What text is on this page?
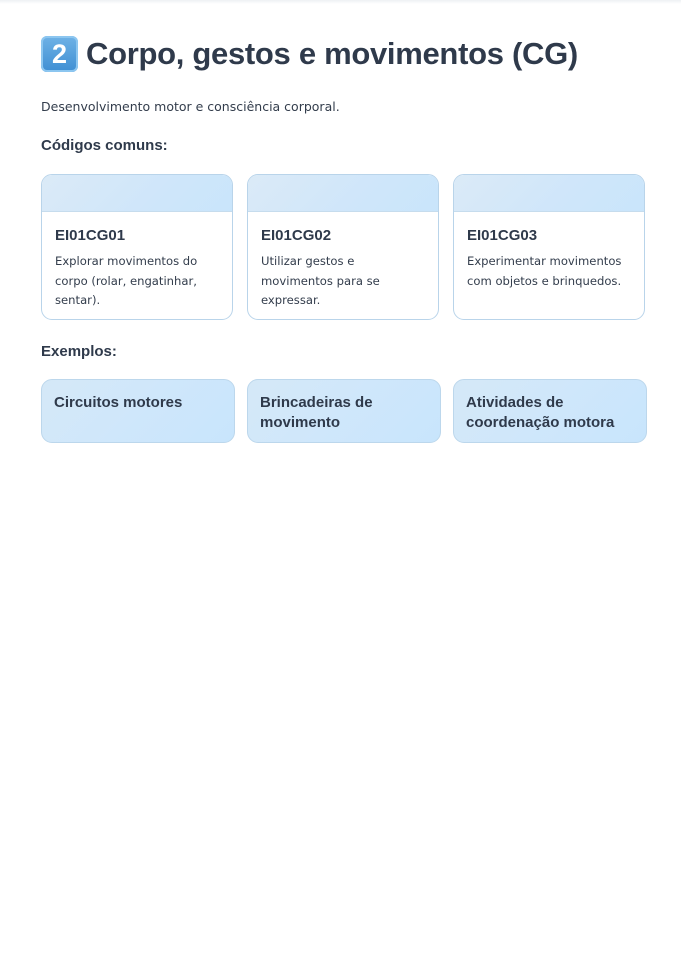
2 Corpo, gestos e movimentos (CG)
Desenvolvimento motor e consciência corporal.
Códigos comuns:
EI01CG01
Explorar movimentos do corpo (rolar, engatinhar, sentar).
EI01CG02
Utilizar gestos e movimentos para se expressar.
EI01CG03
Experimentar movimentos com objetos e brinquedos.
Exemplos:
Circuitos motores	Brincadeiras de movimento
Atividades de coordenação motora
